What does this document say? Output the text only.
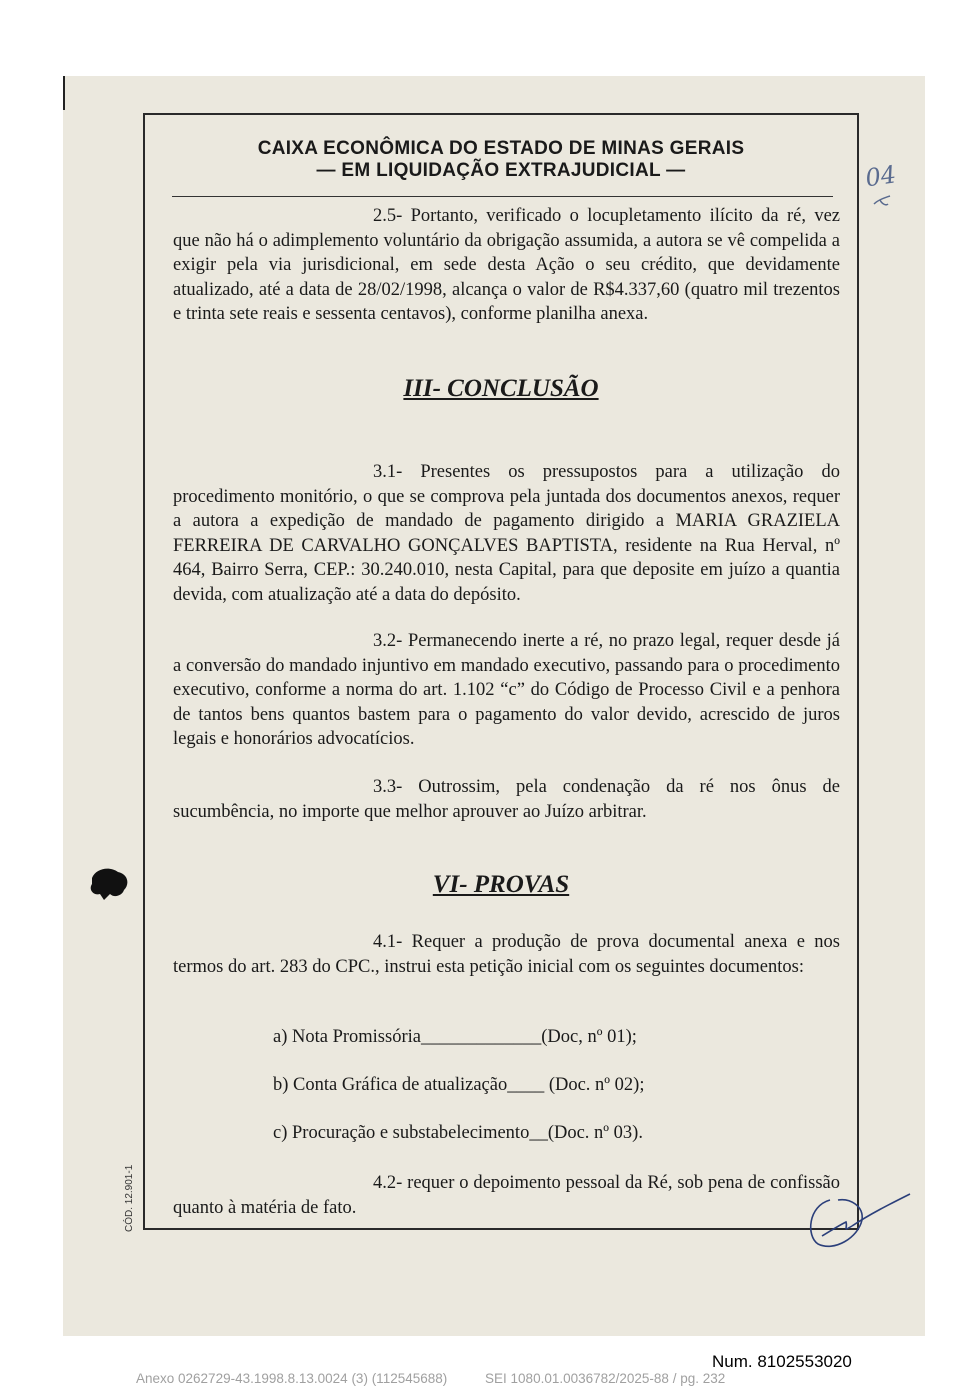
CAIXA ECONÔMICA DO ESTADO DE MINAS GERAIS
— EM LIQUIDAÇÃO EXTRAJUDICIAL —

2.5- Portanto, verificado o locupletamento ilícito da ré, vez que não há o adimplemento voluntário da obrigação assumida, a autora se vê compelida a exigir pela via jurisdicional, em sede desta Ação o seu crédito, que devidamente atualizado, até a data de 28/02/1998, alcança o valor de R$4.337,60 (quatro mil trezentos e trinta sete reais e sessenta centavos), conforme planilha anexa.

III- CONCLUSÃO

3.1- Presentes os pressupostos para a utilização do procedimento monitório, o que se comprova pela juntada dos documentos anexos, requer a autora a expedição de mandado de pagamento dirigido a MARIA GRAZIELA FERREIRA DE CARVALHO GONÇALVES BAPTISTA, residente na Rua Herval, nº 464, Bairro Serra, CEP.: 30.240.010, nesta Capital, para que deposite em juízo a quantia devida, com atualização até a data do depósito.

3.2- Permanecendo inerte a ré, no prazo legal, requer desde já a conversão do mandado injuntivo em mandado executivo, passando para o procedimento executivo, conforme a norma do art. 1.102 “c” do Código de Processo Civil e a penhora de tantos bens quantos bastem para o pagamento do valor devido, acrescido de juros legais e honorários advocatícios.

3.3- Outrossim, pela condenação da ré nos ônus de sucumbência, no importe que melhor aprouver ao Juízo arbitrar.

VI- PROVAS

4.1- Requer a produção de prova documental anexa e nos termos do art. 283 do CPC., instrui esta petição inicial com os seguintes documentos:

a) Nota Promissória_____________(Doc, nº 01);
b) Conta Gráfica de atualização____ (Doc. nº 02);
c) Procuração e substabelecimento__(Doc. nº 03).

4.2- requer o depoimento pessoal da Ré, sob pena de confissão quanto à matéria de fato.

CÓD. 12.901-1
04
Num. 8102553020
Anexo 0262729-43.1998.8.13.0024 (3) (112545688)	SEI 1080.01.0036782/2025-88 / pg. 232
